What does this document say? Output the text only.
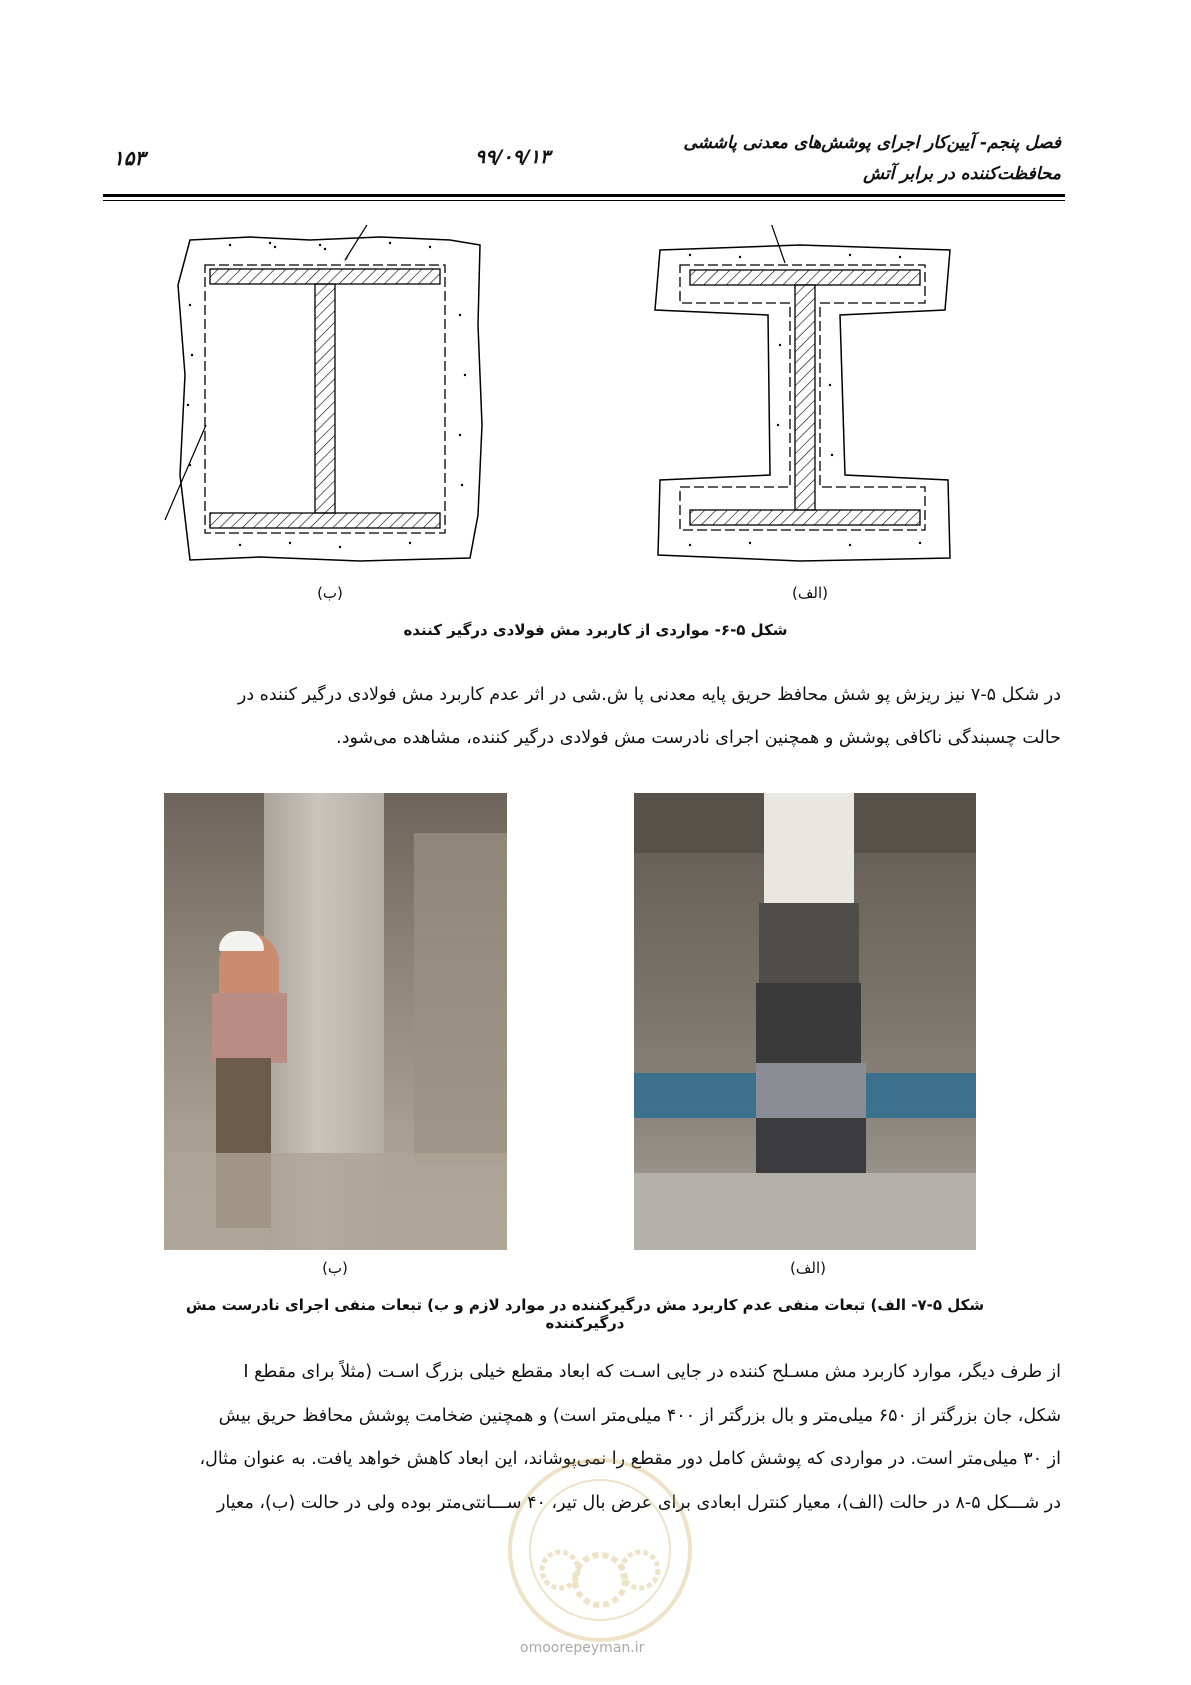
فصل پنجم- آیین‌کار اجرای پوشش‌های معدنی پاششی
محافظت‌کننده در برابر آتش
۹۹/۰۹/۱۳
۱۵۳
(ب)	(الف)
شکل ۵-۶- مواردی از کاربرد مش فولادی درگیر کننده
در شکل ۵-۷ نیز ریزش پو شش محافظ حریق پایه معدنی پا ش.شی در اثر عدم کاربرد مش فولادی درگیر کننده در
حالت چسبندگی ناکافی پوشش و همچنین اجرای نادرست مش فولادی درگیر کننده، مشاهده می‌شود.
(ب)	(الف)
شکل ۵-۷- الف) تبعات منفی عدم کاربرد مش درگیرکننده در موارد لازم و ب) تبعات منفی اجرای نادرست مش درگیرکننده
از طرف دیگر، موارد کاربرد مش مسـلح کننده در جایی اسـت که ابعاد مقطع خیلی بزرگ اسـت (مثلاً برای مقطع I
شکل، جان بزرگتر از ۶۵۰ میلی‌متر و بال بزرگتر از ۴۰۰ میلی‌متر است) و همچنین ضخامت پوشش محافظ حریق بیش
از ۳۰ میلی‌متر است. در مواردی که پوشش کامل دور مقطع را نمی‌پوشاند، این ابعاد کاهش خواهد یافت. به عنوان مثال،
در شـــکل ۵-۸ در حالت (الف)، معیار کنترل ابعادی برای عرض بال تیر، ۴۰ ســـانتی‌متر بوده ولی در حالت (ب)، معیار
omoorepeyman.ir
